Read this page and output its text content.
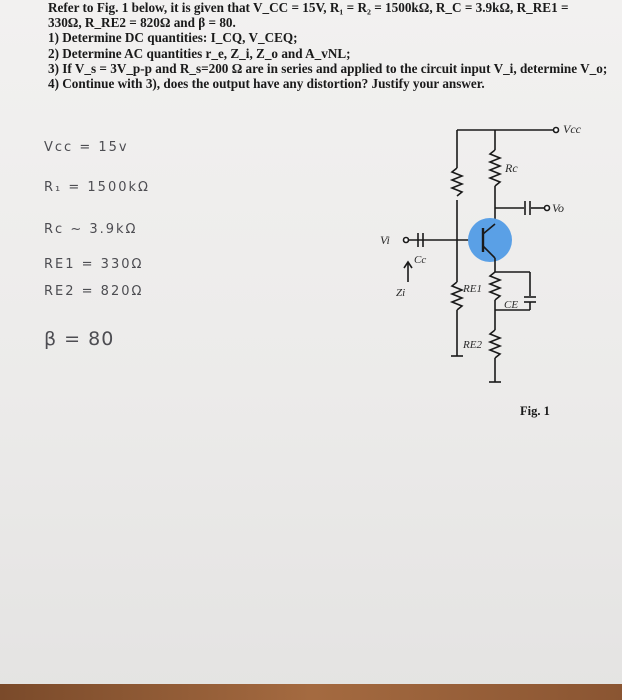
Refer to Fig. 1 below, it is given that V_CC = 15V, R₁ = R₂ = 1500kΩ, R_C = 3.9kΩ, R_RE1 =
330Ω, R_RE2 = 820Ω and β = 80.
1) Determine DC quantities: I_CQ, V_CEQ;
2) Determine AC quantities r_e, Z_i, Z_o and A_vNL;
3) If V_s = 3V_p-p and R_s=200 Ω are in series and applied to the circuit input V_i, determine V_o;
4) Continue with 3), does the output have any distortion? Justify your answer.
Vcc = 15v
R₁ = 1500kΩ
Rc ~ 3.9kΩ
RE1 = 330Ω
RE2 = 820Ω
β = 80
Vcc
Rc
Vo
Vi
Cc
Zi	RE1
CE
RE2
Fig. 1
